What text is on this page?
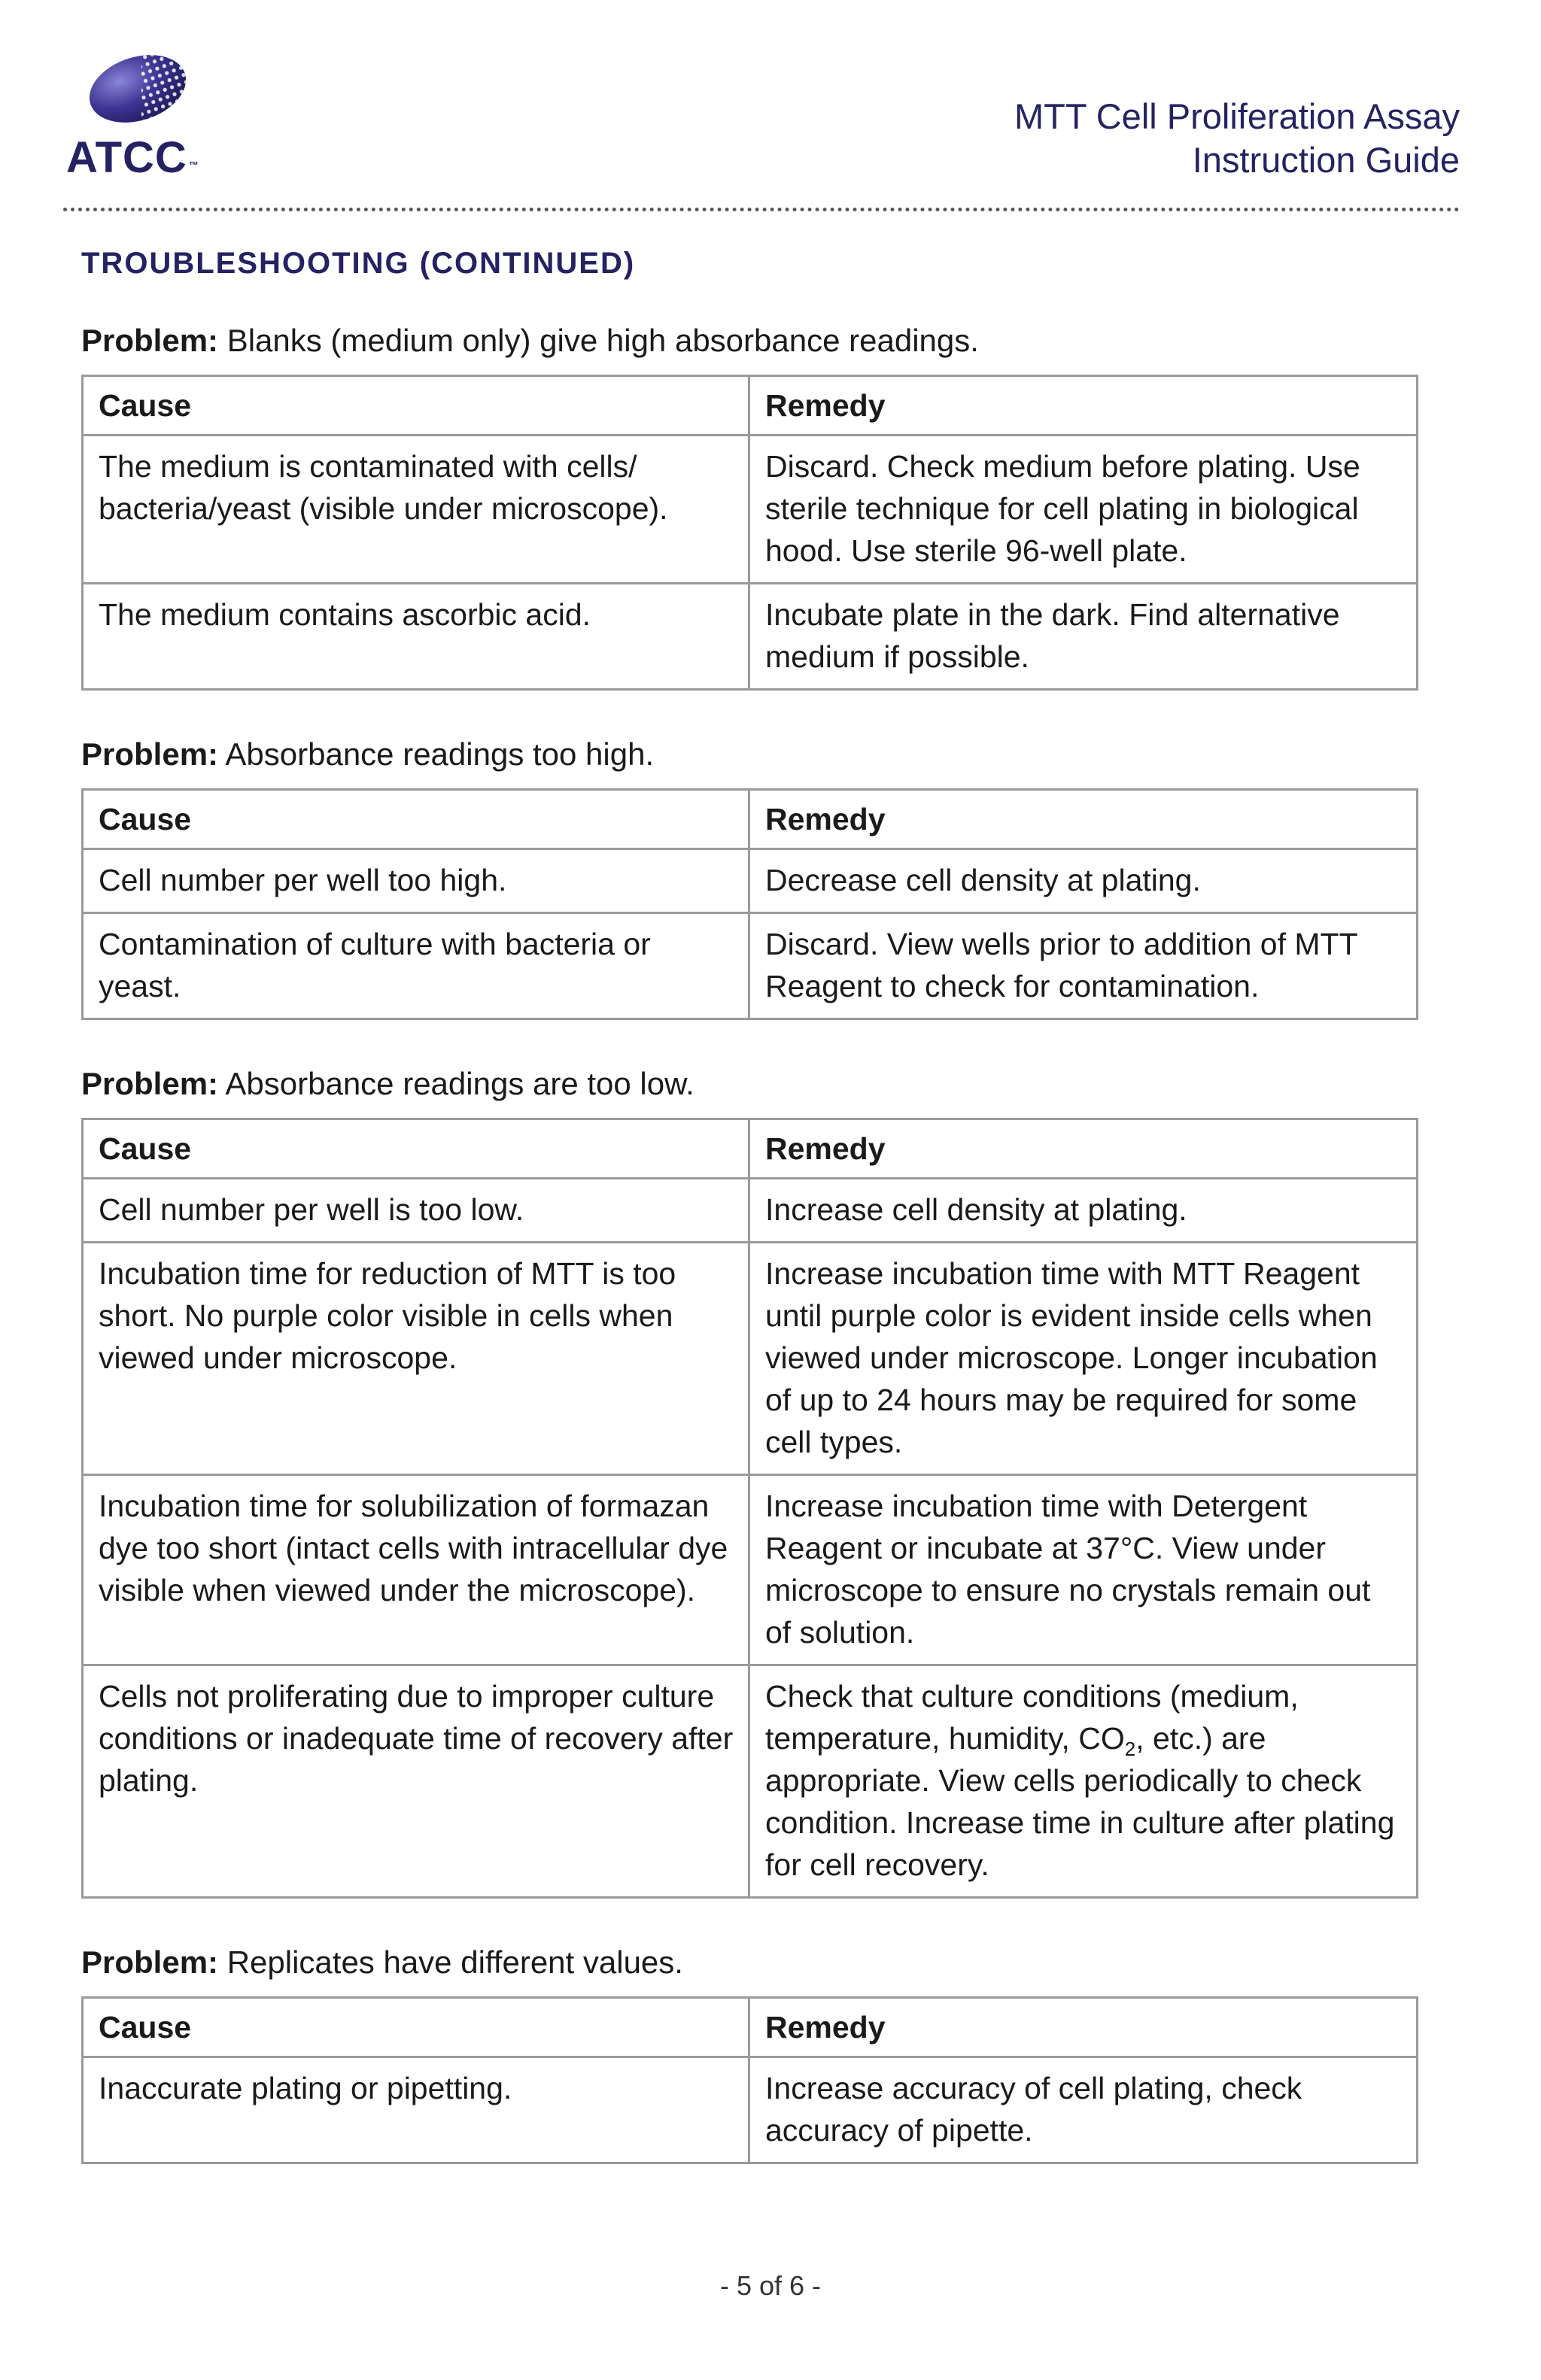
ATCC ™
MTT Cell Proliferation Assay
Instruction Guide
TROUBLESHOOTING (CONTINUED)
Problem: Blanks (medium only) give high absorbance readings.
Cause	Remedy
The medium is contaminated with cells/ bacteria/yeast (visible under microscope).	Discard. Check medium before plating. Use sterile technique for cell plating in biological hood. Use sterile 96-well plate.
The medium contains ascorbic acid.	Incubate plate in the dark. Find alternative medium if possible.
Problem: Absorbance readings too high.
Cause	Remedy
Cell number per well too high.	Decrease cell density at plating.
Contamination of culture with bacteria or yeast.	Discard. View wells prior to addition of MTT Reagent to check for contamination.
Problem: Absorbance readings are too low.
Cause	Remedy
Cell number per well is too low.	Increase cell density at plating.
Incubation time for reduction of MTT is too short. No purple color visible in cells when viewed under microscope.	Increase incubation time with MTT Reagent until purple color is evident inside cells when viewed under microscope. Longer incubation of up to 24 hours may be required for some cell types.
Incubation time for solubilization of formazan dye too short (intact cells with intracellular dye visible when viewed under the microscope).	Increase incubation time with Detergent Reagent or incubate at 37°C. View under microscope to ensure no crystals remain out of solution.
Cells not proliferating due to improper culture conditions or inadequate time of recovery after plating.	Check that culture conditions (medium, temperature, humidity, $CO_2$, etc.) are appropriate. View cells periodically to check condition. Increase time in culture after plating for cell recovery.
Problem: Replicates have different values.
Cause	Remedy
Inaccurate plating or pipetting.	Increase accuracy of cell plating, check accuracy of pipette.
- 5 of 6 -
